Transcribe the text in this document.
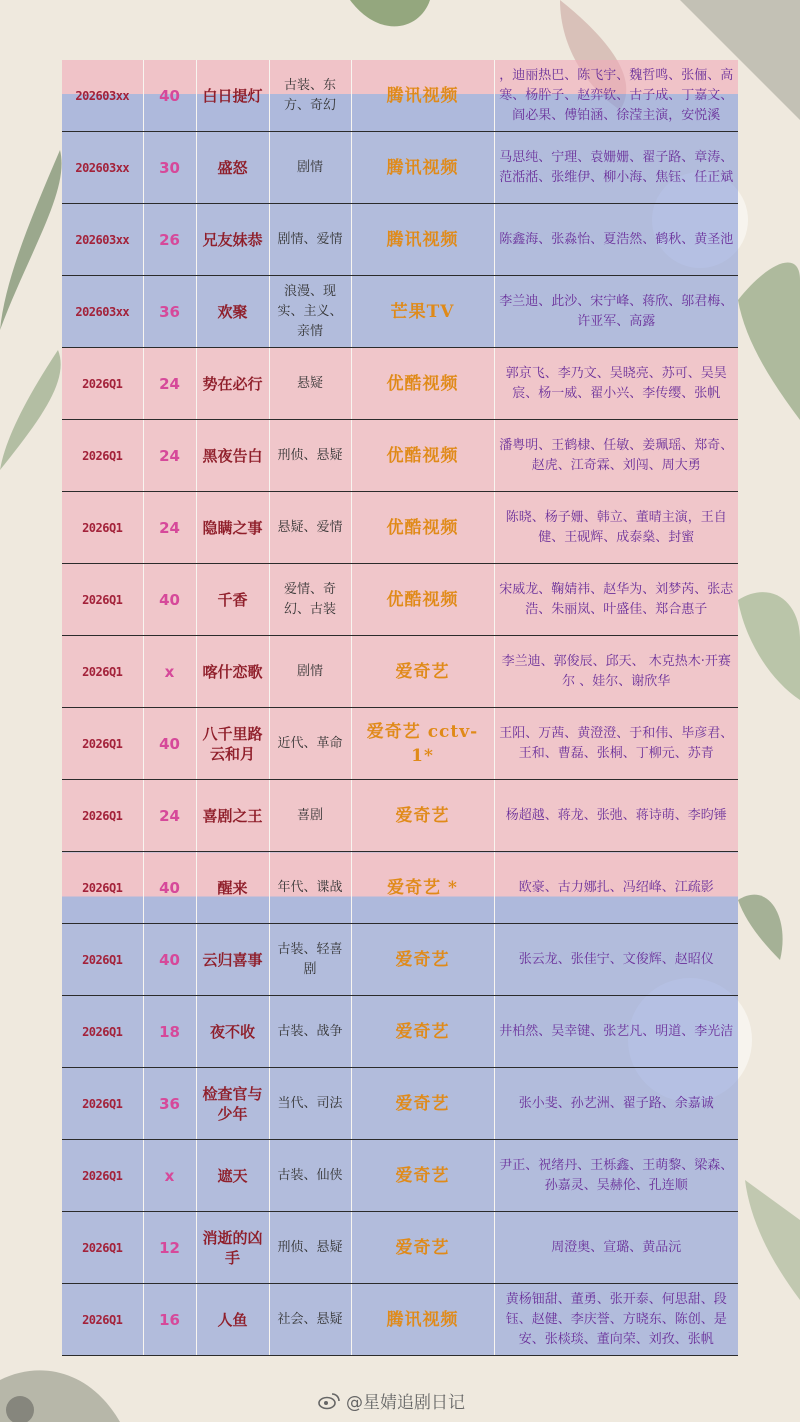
202603xx	40	白日提灯	古装、东方、奇幻	腾讯视频	，迪丽热巴、陈飞宇、魏哲鸣、张俪、高寒、杨肸子、赵弈钦、古子成、丁嘉文、阎必果、傅铂涵、徐滢主演，安悦溪
202603xx	30	盛怒	剧情	腾讯视频	马思纯、宁理、袁姗姗、翟子路、章涛、范湉湉、张维伊、柳小海、焦钰、任正斌
202603xx	26	兄友妹恭	剧情、爱情	腾讯视频	陈鑫海、张淼怡、夏浩然、鹤秋、黄圣池
202603xx	36	欢聚	浪漫、现实、主义、亲情	芒果TV	李兰迪、此沙、宋宁峰、蒋欣、邬君梅、许亚军、高露
2026Q1	24	势在必行	悬疑	优酷视频	郭京飞、李乃文、吴晓亮、苏可、吴昊宸、杨一威、翟小兴、李传缨、张帆
2026Q1	24	黑夜告白	刑侦、悬疑	优酷视频	潘粤明、王鹤棣、任敏、姜珮瑶、郑奇、赵虎、江奇霖、刘闯、周大勇
2026Q1	24	隐瞒之事	悬疑、爱情	优酷视频	陈晓、杨子姗、韩立、董晴主演，王自健、王砚辉、成泰燊、封蜜
2026Q1	40	千香	爱情、奇幻、古装	优酷视频	宋威龙、鞠婧祎、赵华为、刘梦芮、张志浩、朱丽岚、叶盛佳、郑合惠子
2026Q1	x	喀什恋歌	剧情	爱奇艺	李兰迪、郭俊辰、邱天、 木克热木·开赛尔 、娃尔、谢欣华
2026Q1	40	八千里路云和月	近代、革命	爱奇艺 cctv-1*	王阳、万茜、黄澄澄、于和伟、毕彦君、王和、曹磊、张桐、丁柳元、苏青
2026Q1	24	喜剧之王	喜剧	爱奇艺	杨超越、蒋龙、张弛、蒋诗萌、李昀锤
2026Q1	40	醒来	年代、谍战	爱奇艺 *	欧豪、古力娜扎、冯绍峰、江疏影
2026Q1	40	云归喜事	古装、轻喜剧	爱奇艺	张云龙、张佳宁、文俊辉、赵昭仪
2026Q1	18	夜不收	古装、战争	爱奇艺	井柏然、吴幸键、张艺凡、明道、李光洁
2026Q1	36	检查官与少年	当代、司法	爱奇艺	张小斐、孙艺洲、翟子路、余嘉诚
2026Q1	x	遮天	古装、仙侠	爱奇艺	尹正、祝绪丹、王栎鑫、王萌黎、梁森、孙嘉灵、吴赫伦、孔连顺
2026Q1	12	消逝的凶手	刑侦、悬疑	爱奇艺	周澄奥、宣璐、黄品沅
2026Q1	16	人鱼	社会、悬疑	腾讯视频	黄杨钿甜、董勇、张开泰、何思甜、段钰、赵健、李庆誉、方晓东、陈创、是安、张棪琰、董向荣、刘孜、张帆
@星婧追剧日记
